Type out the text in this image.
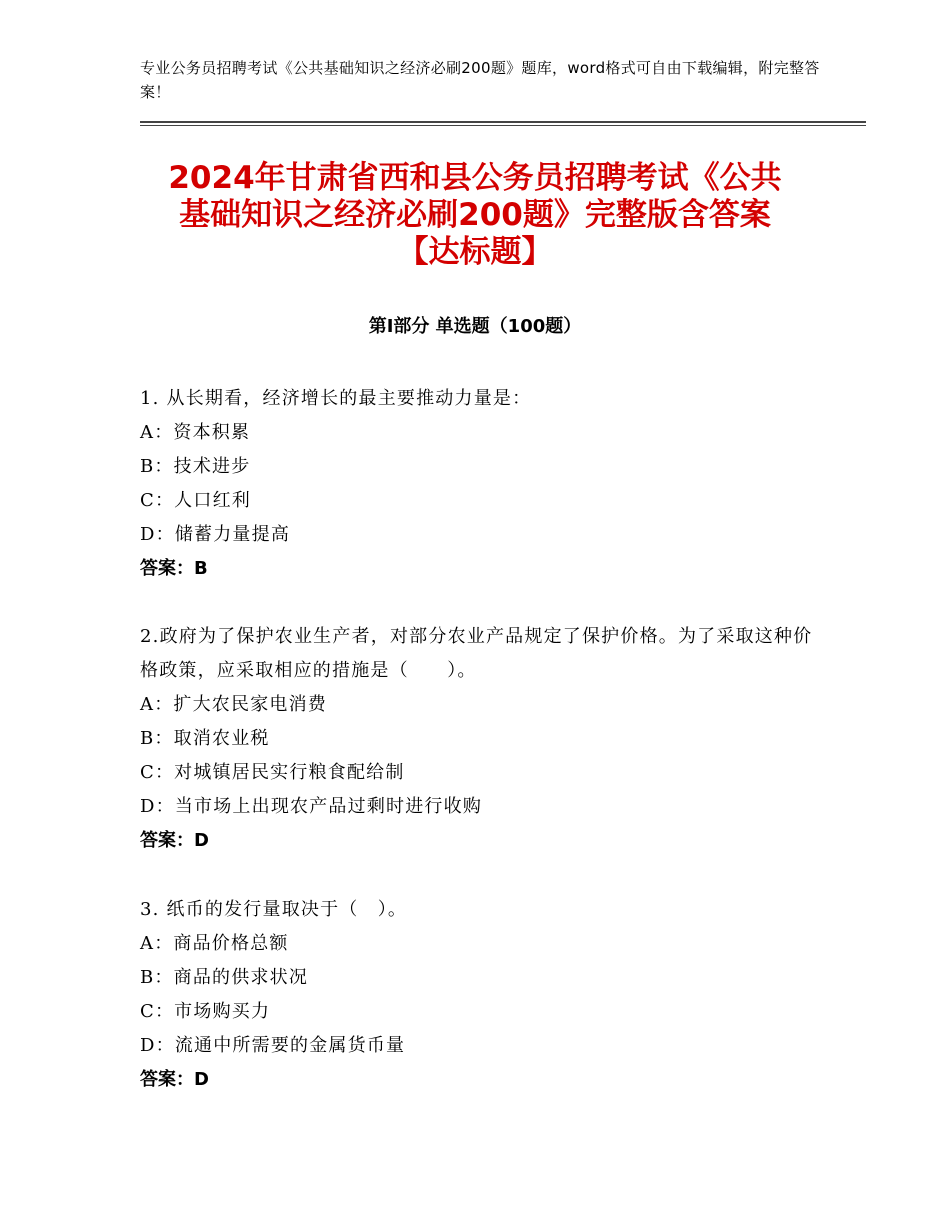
专业公务员招聘考试《公共基础知识之经济必刷200题》题库，word格式可自由下载编辑，附完整答案！
2024年甘肃省西和县公务员招聘考试《公共
基础知识之经济必刷200题》完整版含答案
【达标题】
第Ⅰ部分 单选题（100题）
1. 从长期看，经济增长的最主要推动力量是：
A：资本积累
B：技术进步
C：人口红利
D：储蓄力量提高
答案：B
2.政府为了保护农业生产者，对部分农业产品规定了保护价格。为了采取这种价格政策，应采取相应的措施是（　　）。
A：扩大农民家电消费
B：取消农业税
C：对城镇居民实行粮食配给制
D：当市场上出现农产品过剩时进行收购
答案：D
3. 纸币的发行量取决于（　）。
A：商品价格总额
B：商品的供求状况
C：市场购买力
D：流通中所需要的金属货币量
答案：D
